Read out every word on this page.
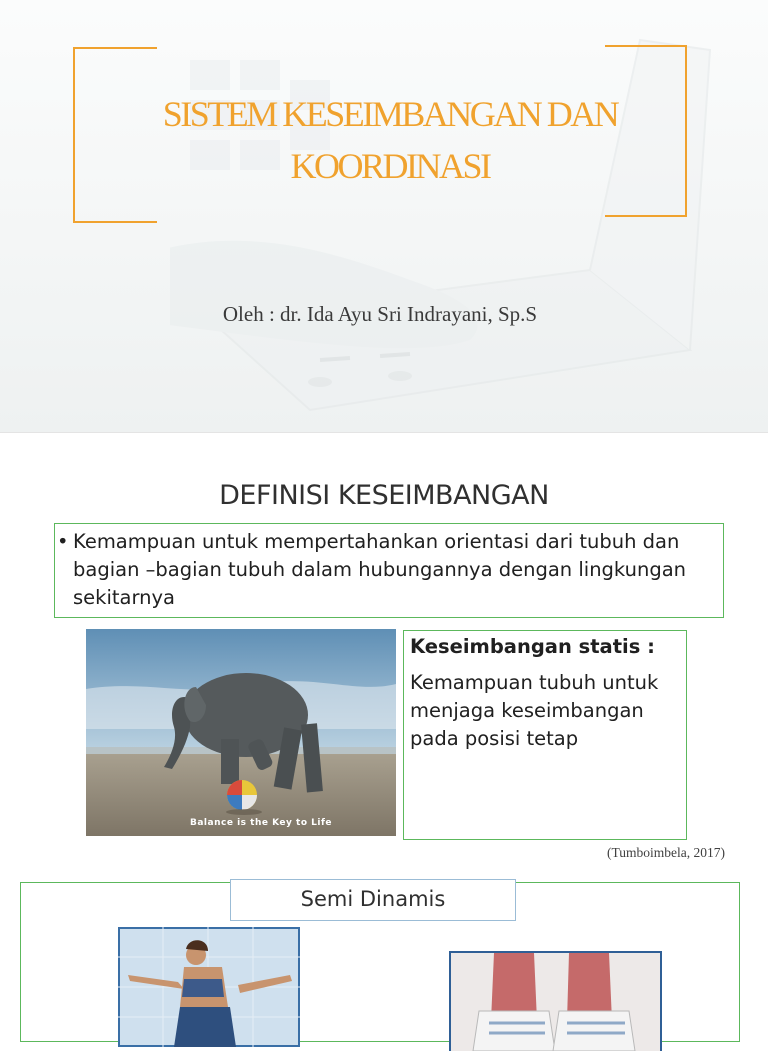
SISTEM KESEIMBANGAN DAN KOORDINASI

Oleh : dr. Ida Ayu Sri Indrayani, Sp.S

DEFINISI KESEIMBANGAN
• Kemampuan untuk mempertahankan orientasi dari tubuh dan bagian –bagian tubuh dalam hubungannya dengan lingkungan sekitarnya

Balance is the Key to Life

Keseimbangan statis :

Kemampuan tubuh untuk menjaga keseimbangan pada posisi tetap

(Tumboimbela, 2017)

Semi Dinamis
